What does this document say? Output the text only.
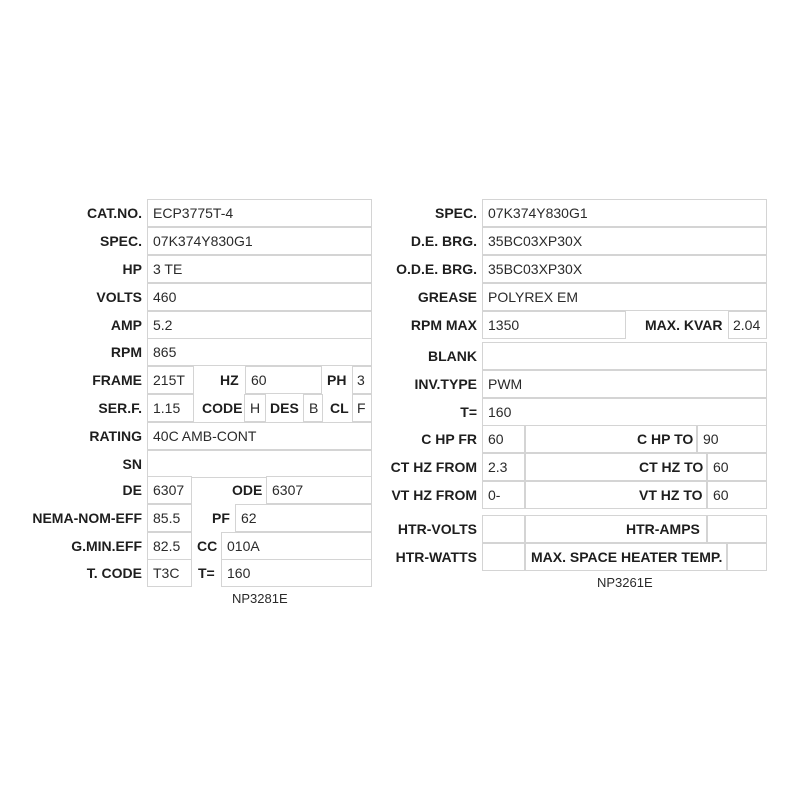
CAT.NO. ECP3775T-4
SPEC. 07K374Y830G1
HP 3 TE
VOLTS 460
AMP 5.2
RPM 865
FRAME 215T	HZ 60	PH 3
SER.F. 1.15 CODE H DES B CL F
RATING 40C AMB-CONT
SN
DE 6307	ODE 6307
NEMA-NOM-EFF 85.5 PF 62
G.MIN.EFF 82.5 CC 010A
T. CODE T3C T= 160
NP3281E
SPEC. 07K374Y830G1
D.E. BRG. 35BC03XP30X
O.D.E. BRG. 35BC03XP30X
GREASE POLYREX EM
RPM MAX 1350	MAX. KVAR 2.04
BLANK
INV.TYPE PWM
T= 160
C HP FR 60	C HP TO 90
CT HZ FROM 2.3	CT HZ TO 60
VT HZ FROM 0-	VT HZ TO 60
HTR-VOLTS	HTR-AMPS
HTR-WATTS	MAX. SPACE HEATER TEMP.
NP3261E
